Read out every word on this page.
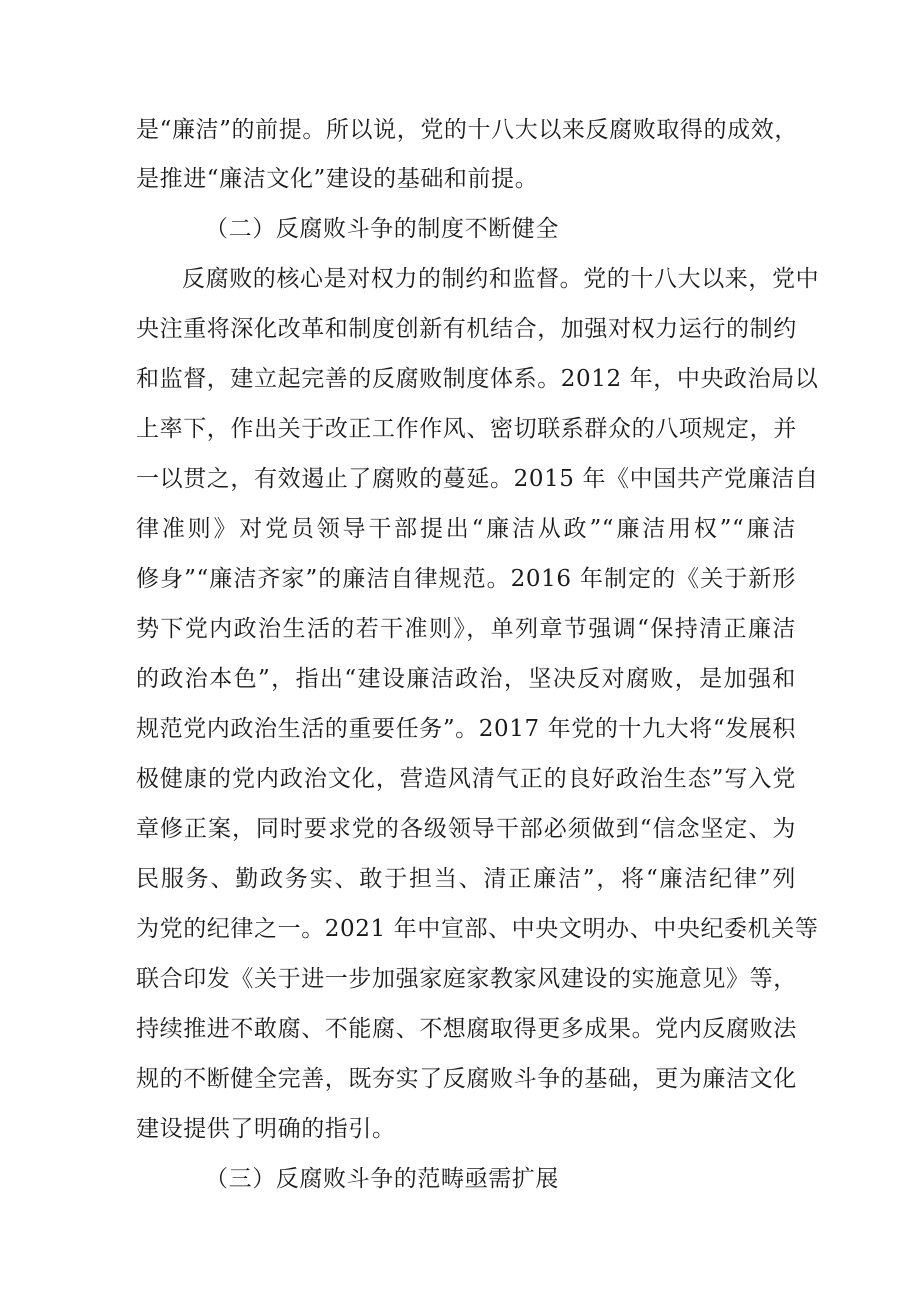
是“廉洁”的前提。所以说，党的十八大以来反腐败取得的成效，
是推进“廉洁文化”建设的基础和前提。
（二）反腐败斗争的制度不断健全
反腐败的核心是对权力的制约和监督。党的十八大以来，党中
央注重将深化改革和制度创新有机结合，加强对权力运行的制约
和监督，建立起完善的反腐败制度体系。2012 年，中央政治局以
上率下，作出关于改正工作作风、密切联系群众的八项规定，并
一以贯之，有效遏止了腐败的蔓延。2015 年《中国共产党廉洁自
律准则》对党员领导干部提出“廉洁从政”“廉洁用权”“廉洁
修身”“廉洁齐家”的廉洁自律规范。2016 年制定的《关于新形
势下党内政治生活的若干准则》，单列章节强调“保持清正廉洁
的政治本色”，指出“建设廉洁政治，坚决反对腐败，是加强和
规范党内政治生活的重要任务”。2017 年党的十九大将“发展积
极健康的党内政治文化，营造风清气正的良好政治生态”写入党
章修正案，同时要求党的各级领导干部必须做到“信念坚定、为
民服务、勤政务实、敢于担当、清正廉洁”，将“廉洁纪律”列
为党的纪律之一。2021 年中宣部、中央文明办、中央纪委机关等
联合印发《关于进一步加强家庭家教家风建设的实施意见》等，
持续推进不敢腐、不能腐、不想腐取得更多成果。党内反腐败法
规的不断健全完善，既夯实了反腐败斗争的基础，更为廉洁文化
建设提供了明确的指引。
（三）反腐败斗争的范畴亟需扩展
